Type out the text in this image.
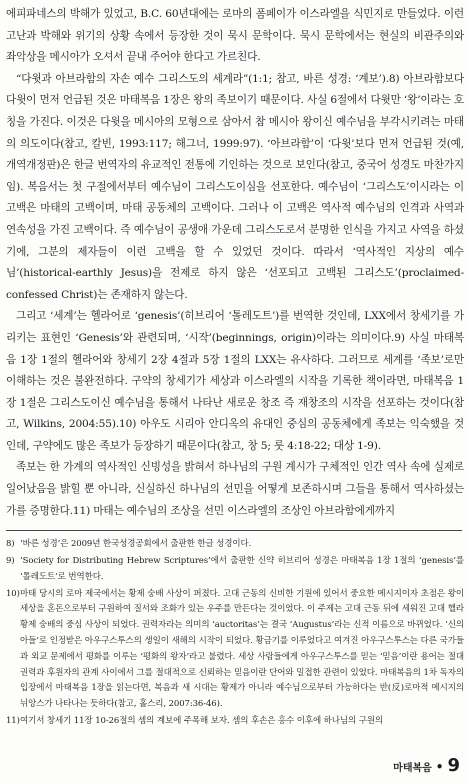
에피파네스의 박해가 있었고, B.C. 60년대에는 로마의 폼페이가 이스라엘을 식민지로 만들었다. 이런 고난과 박해와 위기의 상황 속에서 등장한 것이 묵시 문학이다. 묵시 문학에서는 현실의 비관주의와 좌악상을 메시아가 오셔서 끝내 주어야 한다고 가르친다.

“다윗과 아브라함의 자손 예수 그리스도의 세계라”(1:1; 참고, 바른 성경: ‘계보’).8) 아브라함보다 다윗이 먼저 언급된 것은 마태복음 1장은 왕의 족보이기 때문이다. 사실 6절에서 다윗만 ‘왕’이라는 호칭을 가진다. 이것은 다윗을 메시아의 모형으로 삼아서 참 메시아 왕이신 예수님을 부각시키려는 마태의 의도이다(참고, 칼빈, 1993:117; 해그너, 1999:97). ‘아브라함’이 ‘다윗’보다 먼저 언급된 것(예, 개역개정판)은 한글 번역자의 유교적인 전통에 기인하는 것으로 보인다(참고, 중국어 성경도 마찬가지임). 복음서는 첫 구절에서부터 예수님이 그리스도이심을 선포한다. 예수님이 ‘그리스도’이시라는 이 고백은 마태의 고백이며, 마태 공동체의 고백이다. 그러나 이 고백은 역사적 예수님의 인격과 사역과 연속성을 가진 고백이다. 즉 예수님이 공생애 가운데 그리스도로서 분명한 인식을 가지고 사역을 하셨기에, 그분의 제자들이 이런 고백을 할 수 있었던 것이다. 따라서 ‘역사적인 지상의 예수님’(historical-earthly Jesus)을 전제로 하지 않은 ‘선포되고 고백된 그리스도’(proclaimed-confessed Christ)는 존재하지 않는다.

그리고 ‘세계’는 헬라어로 ‘genesis’(히브리어 ‘톨레도트’)를 번역한 것인데, LXX에서 창세기를 가리키는 표현인 ‘Genesis’와 관련되며, ‘시작’(beginnings, origin)이라는 의미이다.9) 사실 마태복음 1장 1절의 헬라어와 창세기 2장 4절과 5장 1절의 LXX는 유사하다. 그러므로 세계를 ‘족보’로만 이해하는 것은 불완전하다. 구약의 창세기가 세상과 이스라엘의 시작을 기록한 책이라면, 마태복음 1장 1절은 그리스도이신 예수님을 통해서 나타난 새로운 창조 즉 재창조의 시작을 선포하는 것이다(참고, Wilkins, 2004:55).10) 아우도 시리아 안디옥의 유대인 중심의 공동체에게 족보는 익숙했을 것인데, 구약에도 많은 족보가 등장하기 때문이다(참고, 창 5; 룻 4:18-22; 대상 1-9).

족보는 한 가계의 역사적인 신빙성을 밝혀서 하나님의 구원 계시가 구체적인 인간 역사 속에 실제로 일어났음을 밝힐 뿐 아니라, 신실하신 하나님의 선민을 어떻게 보존하시며 그들을 통해서 역사하셨는가를 증명한다.11) 마태는 예수님의 조상을 선민 이스라엘의 조상인 아브라함에게까지

8) ‘바른 성경’은 2009년 한국성경공회에서 출판한 한글 성경이다.
9) ‘Society for Distributing Hebrew Scriptures’에서 출판한 신약 히브리어 성경은 마태복음 1장 1절의 ‘genesis’를 ‘톨레도트’로 번역한다.
10) 마태 당시의 로마 제국에서는 황제 숭배 사상이 퍼졌다. 고대 근동의 신비한 기원에 있어서 중요한 메시지이자 초점은 왕이 세상을 혼돈으로부터 구원하여 질서와 조화가 있는 우주를 만든다는 것이었다. 이 주제는 고대 근동 뒤에 세워진 고대 헬라 황제 숭배의 중심 사상이 되었다. 권력자라는 의미의 ‘auctoritas’는 결국 ‘Augustus’라는 신적 이름으로 바뀌었다. ‘신의 아들’로 인정받은 아우구스투스의 생일이 새해의 시작이 되었다. 황금기를 이루었다고 여겨진 아우구스투스는 다른 국가들과 외교 문제에서 평화를 이루는 ‘평화의 왕자’라고 불렸다. 세상 사람들에게 아우구스투스를 믿는 ‘믿음’이란 용어는 절대 권력과 후원자의 관계 사이에서 그를 절대적으로 신뢰하는 믿음이란 단어와 밀접한 관련이 있었다. 마태복음의 1차 독자의 입장에서 마태복음 1장을 읽는다면, 복음과 새 시대는 황제가 아니라 예수님으로부터 가능하다는 반(反)로마적 메시지의 뉘앙스가 나타나는 듯하다(참고, 홀스리, 2007:36-46).
11) 여기서 창세기 11장 10-26절의 셈의 계보에 주목해 보자. 셈의 후손은 홍수 이후에 하나님의 구원의
마태복음 • 9
